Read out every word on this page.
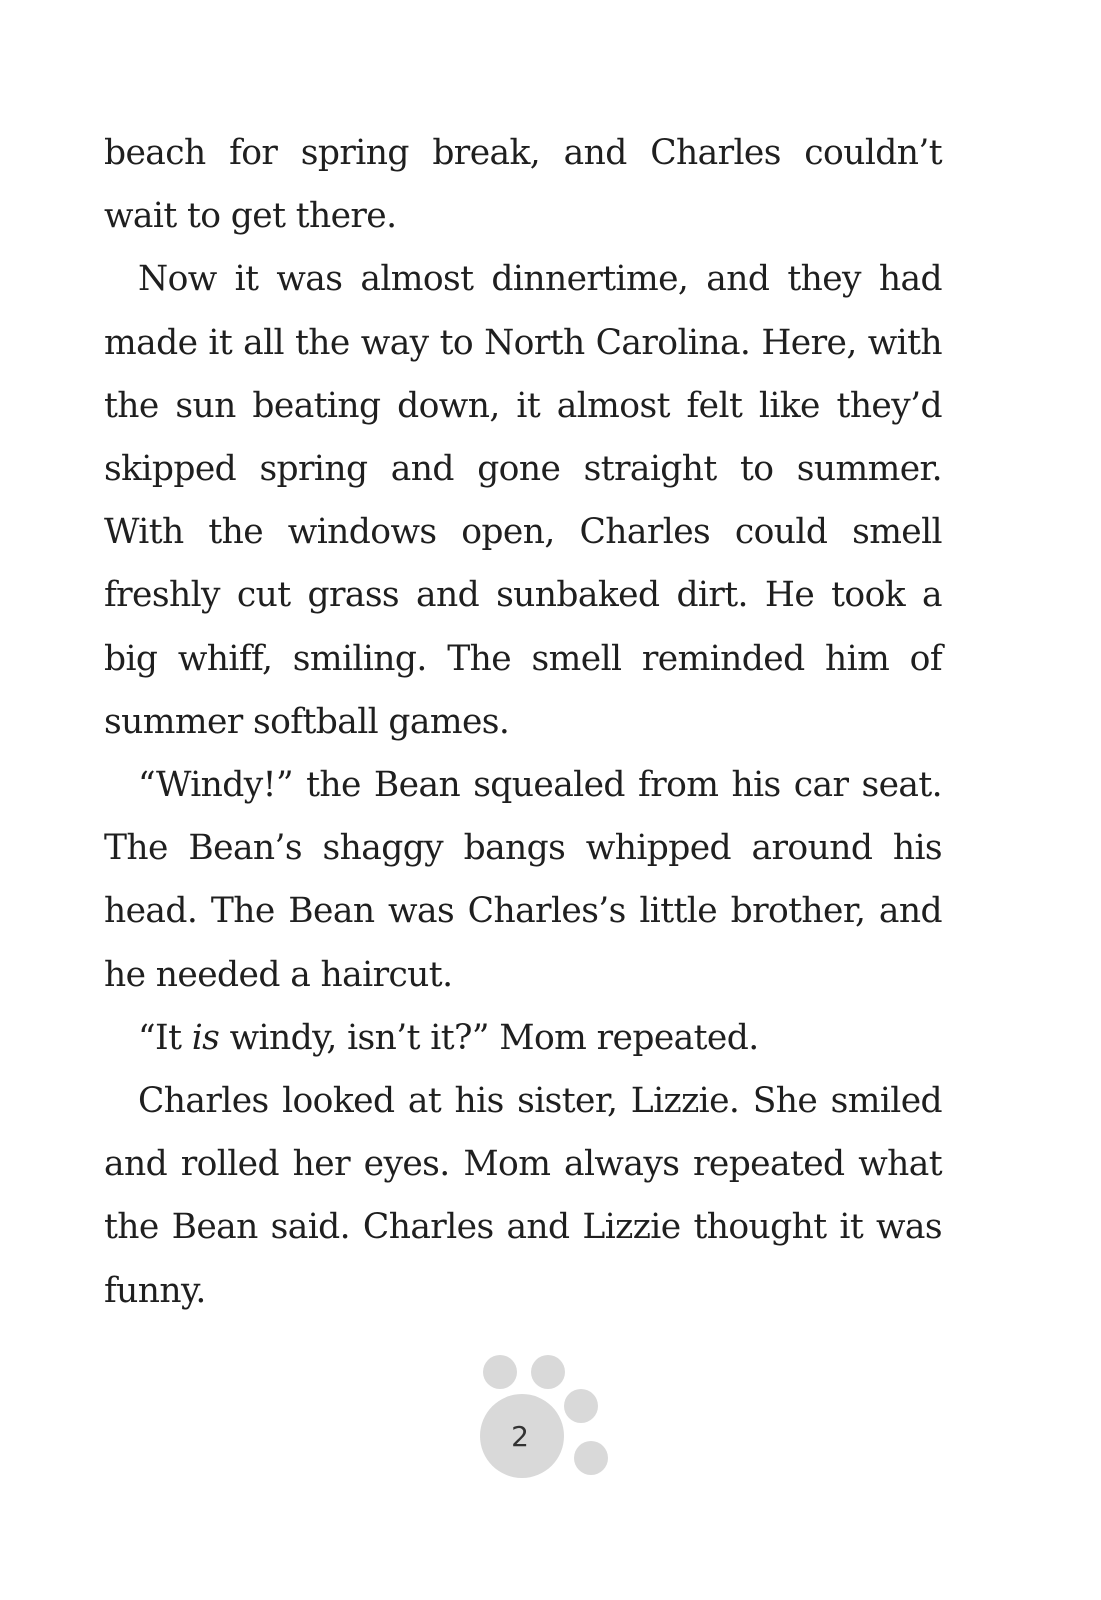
beach for spring break, and Charles couldn’t wait to get there.

Now it was almost dinnertime, and they had made it all the way to North Carolina. Here, with the sun beating down, it almost felt like they’d skipped spring and gone straight to summer. With the windows open, Charles could smell freshly cut grass and sunbaked dirt. He took a big whiff, smiling. The smell reminded him of summer softball games.

“Windy!” the Bean squealed from his car seat. The Bean’s shaggy bangs whipped around his head. The Bean was Charles’s little brother, and he needed a haircut.

“It is windy, isn’t it?” Mom repeated.

Charles looked at his sister, Lizzie. She smiled and rolled her eyes. Mom always repeated what the Bean said. Charles and Lizzie thought it was funny.

2
